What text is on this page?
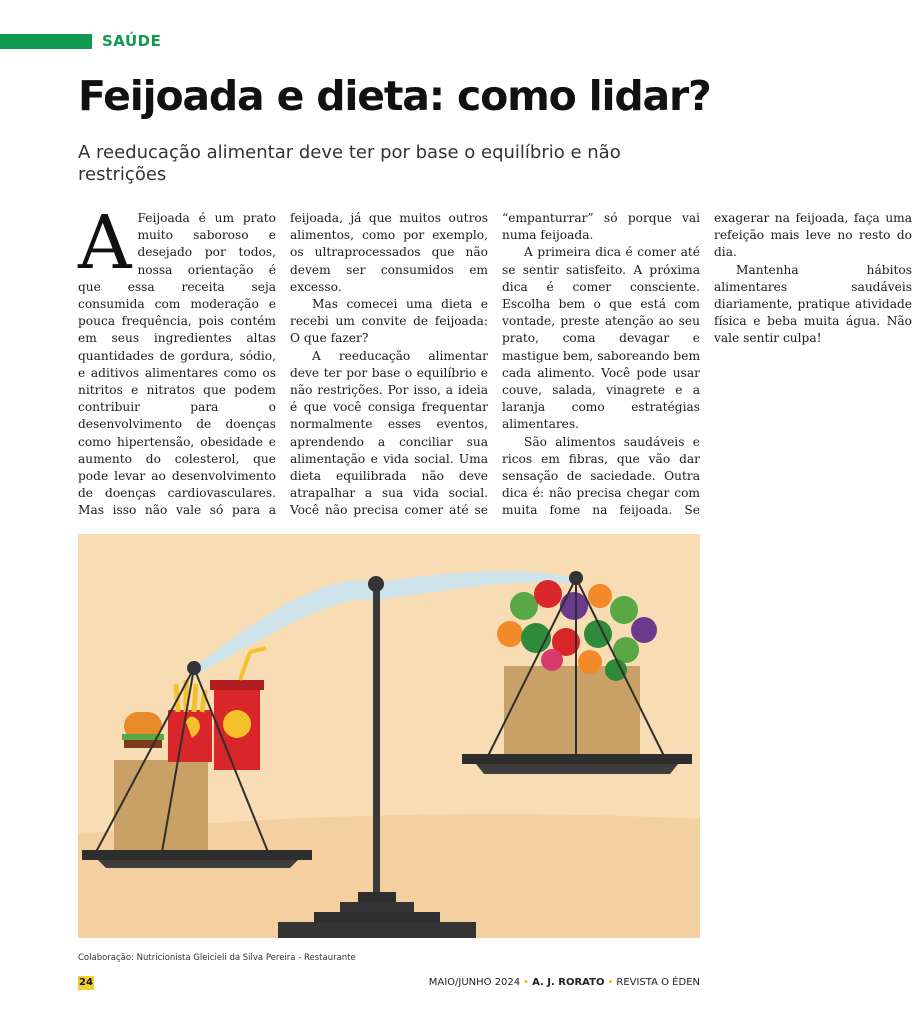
SAÚDE
Feijoada e dieta: como lidar?

A reeducação alimentar deve ter por base o equilíbrio e não restrições

A Feijoada é um prato muito saboroso e desejado por todos, nossa orientação é que essa receita seja consumida com moderação e pouca frequência, pois contém em seus ingredientes altas quantidades de gordura, sódio, e aditivos alimentares como os nitritos e nitratos que podem contribuir para o desenvolvimento de doenças como hipertensão, obesidade e aumento do colesterol, que pode levar ao desenvolvimento de doenças cardiovasculares. Mas isso não vale só para a feijoada, já que muitos outros alimentos, como por exemplo, os ultraprocessados que não devem ser consumidos em excesso.

Mas comecei uma dieta e recebi um convite de feijoada: O que fazer?

A reeducação alimentar deve ter por base o equilíbrio e não restrições. Por isso, a ideia é que você consiga frequentar normalmente esses eventos, aprendendo a conciliar sua alimentação e vida social. Uma dieta equilibrada não deve atrapalhar a sua vida social. Você não precisa comer até se “empanturrar” só porque vai numa feijoada.

A primeira dica é comer até se sentir satisfeito. A próxima dica é comer consciente. Escolha bem o que está com vontade, preste atenção ao seu prato, coma devagar e mastigue bem, saboreando bem cada alimento. Você pode usar couve, salada, vinagrete e a laranja como estratégias alimentares.

São alimentos saudáveis e ricos em fibras, que vão dar sensação de saciedade. Outra dica é: não precisa chegar com muita fome na feijoada. Se exagerar na feijoada, faça uma refeição mais leve no resto do dia.

Mantenha hábitos alimentares saudáveis diariamente, pratique atividade física e beba muita água. Não vale sentir culpa!

Colaboração: Nutricionista Gleicieli da Silva Pereira - Restaurante
24	MAIO/JUNHO 2024 • A. J. RORATO • REVISTA O ÉDEN
